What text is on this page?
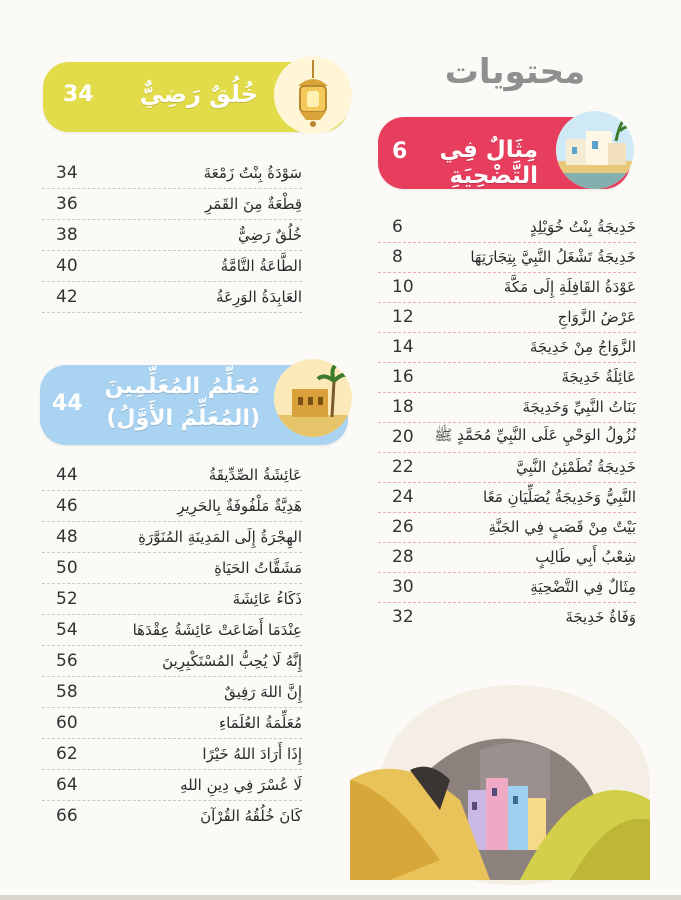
محتويات
34 خُلُقٌ رَضِيٌّ
6	مِثَالٌ فِي التَّضْحِيَةِ
44
مُعَلِّمُ المُعَلِّمِينَ
(المُعَلِّمُ الأَوَّلُ)
34	سَوْدَةُ بِنْتُ زَمْعَةَ
36	قِطْعَةٌ مِنَ القَمَرِ
38	خُلُقٌ رَضِيٌّ
40	الطَّاعَةُ التَّامَّةُ
42	العَابِدَةُ الوَرِعَةُ
6	خَدِيجَةُ بِنْتُ خُوَيْلِدٍ
8	خَدِيجَةُ تَشْغَلُ النَّبِيَّ بِتِجَارَتِهَا
10	عَوْدَةُ القَافِلَةِ إِلَى مَكَّةَ
12	عَرْضُ الزَّوَاجِ
14	الزَّوَاجُ مِنْ خَدِيجَةَ
16	عَائِلَةُ خَدِيجَةَ
18	بَنَاتُ النَّبِيِّ وَخَدِيجَةَ
20 نُزُولُ الوَحْيِ عَلَى النَّبِيِّ مُحَمَّدٍ ﷺ
22	خَدِيجَةُ تُطَمْئِنُ النَّبِيَّ
24	النَّبِيُّ وَخَدِيجَةُ يُصَلِّيَانِ مَعًا
26	بَيْتٌ مِنْ قَصَبٍ فِي الجَنَّةِ
28	شِعْبُ أَبِي طَالِبٍ
30	مِثَالٌ فِي التَّضْحِيَةِ
32	وَفَاةُ خَدِيجَةَ
44	عَائِشَةُ الصِّدِّيقَةُ
46	هَدِيَّةٌ مَلْفُوفَةٌ بِالحَرِيرِ
48	الهِجْرَةُ إِلَى المَدِينَةِ المُنَوَّرَةِ
50	مَشَقَّاتُ الحَيَاةِ
52	ذَكَاءُ عَائِشَةَ
54	عِنْدَمَا أَضَاعَتْ عَائِشَةُ عِقْدَهَا
56	إِنَّهُ لَا يُحِبُّ المُسْتَكْبِرِينَ
58	إِنَّ اللهَ رَفِيقٌ
60	مُعَلِّمَةُ العُلَمَاءِ
62	إِذَا أَرَادَ اللهُ خَيْرًا
64	لَا عُسْرَ فِي دِينِ اللهِ
66	كَانَ خُلُقُهُ القُرْآنَ
